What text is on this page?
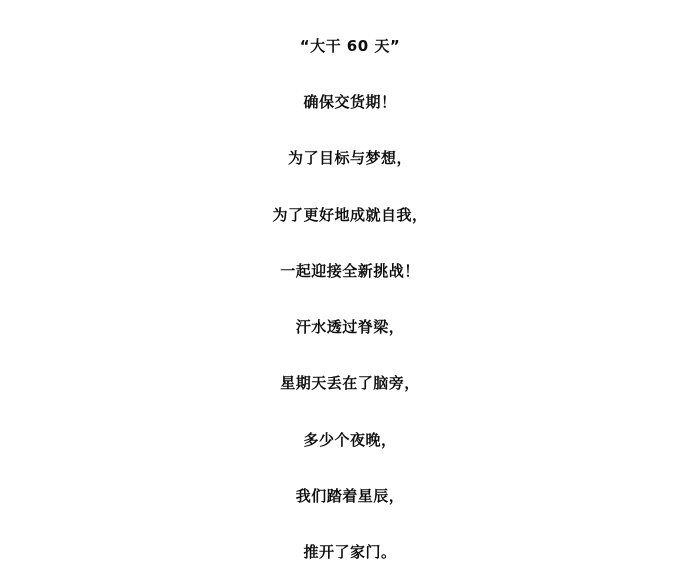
“大干 60 天”
确保交货期！
为了目标与梦想，
为了更好地成就自我，
一起迎接全新挑战！
汗水透过脊梁，
星期天丢在了脑旁，
多少个夜晚，
我们踏着星辰，
推开了家门。
